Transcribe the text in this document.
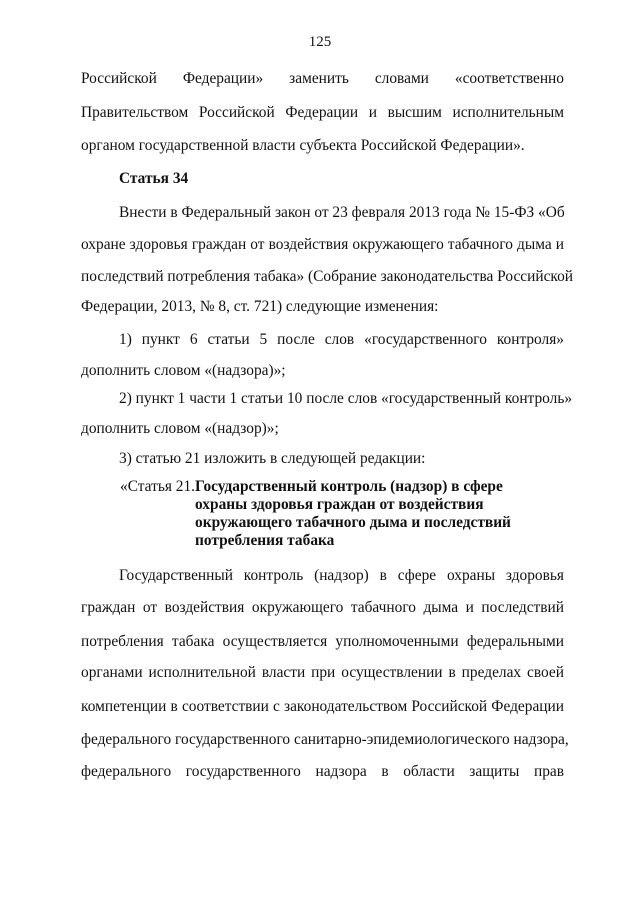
125
Российской Федерации» заменить словами «соответственно
Правительством Российской Федерации и высшим исполнительным
органом государственной власти субъекта Российской Федерации».
Статья 34
Внести в Федеральный закон от 23 февраля 2013 года № 15-ФЗ «Об
охране здоровья граждан от воздействия окружающего табачного дыма и
последствий потребления табака» (Собрание законодательства Российской
Федерации, 2013, № 8, ст. 721) следующие изменения:
1) пункт 6 статьи 5 после слов «государственного контроля»
дополнить словом «(надзора)»;
2) пункт 1 части 1 статьи 10 после слов «государственный контроль»
дополнить словом «(надзор)»;
3) статью 21 изложить в следующей редакции:
«Статья 21.Государственный контроль (надзор) в сфере
охраны здоровья граждан от воздействия
окружающего табачного дыма и последствий
потребления табака
Государственный контроль (надзор) в сфере охраны здоровья
граждан от воздействия окружающего табачного дыма и последствий
потребления табака осуществляется уполномоченными федеральными
органами исполнительной власти при осуществлении в пределах своей
компетенции в соответствии с законодательством Российской Федерации
федерального государственного санитарно-эпидемиологического надзора,
федерального государственного надзора в области защиты прав
